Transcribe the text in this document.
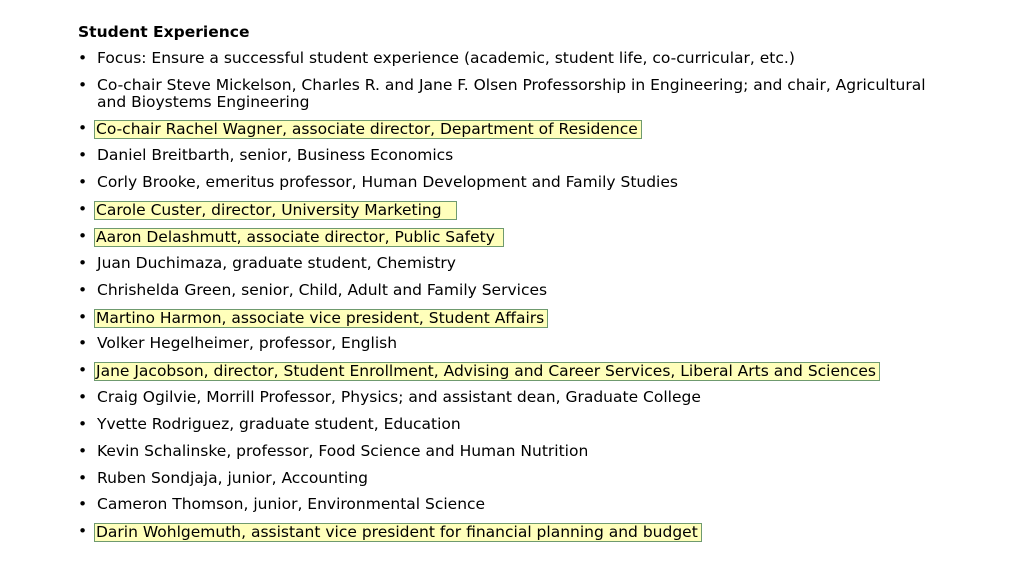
Student Experience
• Focus: Ensure a successful student experience (academic, student life, co-curricular, etc.)
• Co-chair Steve Mickelson, Charles R. and Jane F. Olsen Professorship in Engineering; and chair, Agricultural and Bioystems Engineering
• Co-chair Rachel Wagner, associate director, Department of Residence
• Daniel Breitbarth, senior, Business Economics
• Corly Brooke, emeritus professor, Human Development and Family Studies
• Carole Custer, director, University Marketing
• Aaron Delashmutt, associate director, Public Safety
• Juan Duchimaza, graduate student, Chemistry
• Chrishelda Green, senior, Child, Adult and Family Services
• Martino Harmon, associate vice president, Student Affairs
• Volker Hegelheimer, professor, English
• Jane Jacobson, director, Student Enrollment, Advising and Career Services, Liberal Arts and Sciences
• Craig Ogilvie, Morrill Professor, Physics; and assistant dean, Graduate College
• Yvette Rodriguez, graduate student, Education
• Kevin Schalinske, professor, Food Science and Human Nutrition
• Ruben Sondjaja, junior, Accounting
• Cameron Thomson, junior, Environmental Science
• Darin Wohlgemuth, assistant vice president for financial planning and budget
